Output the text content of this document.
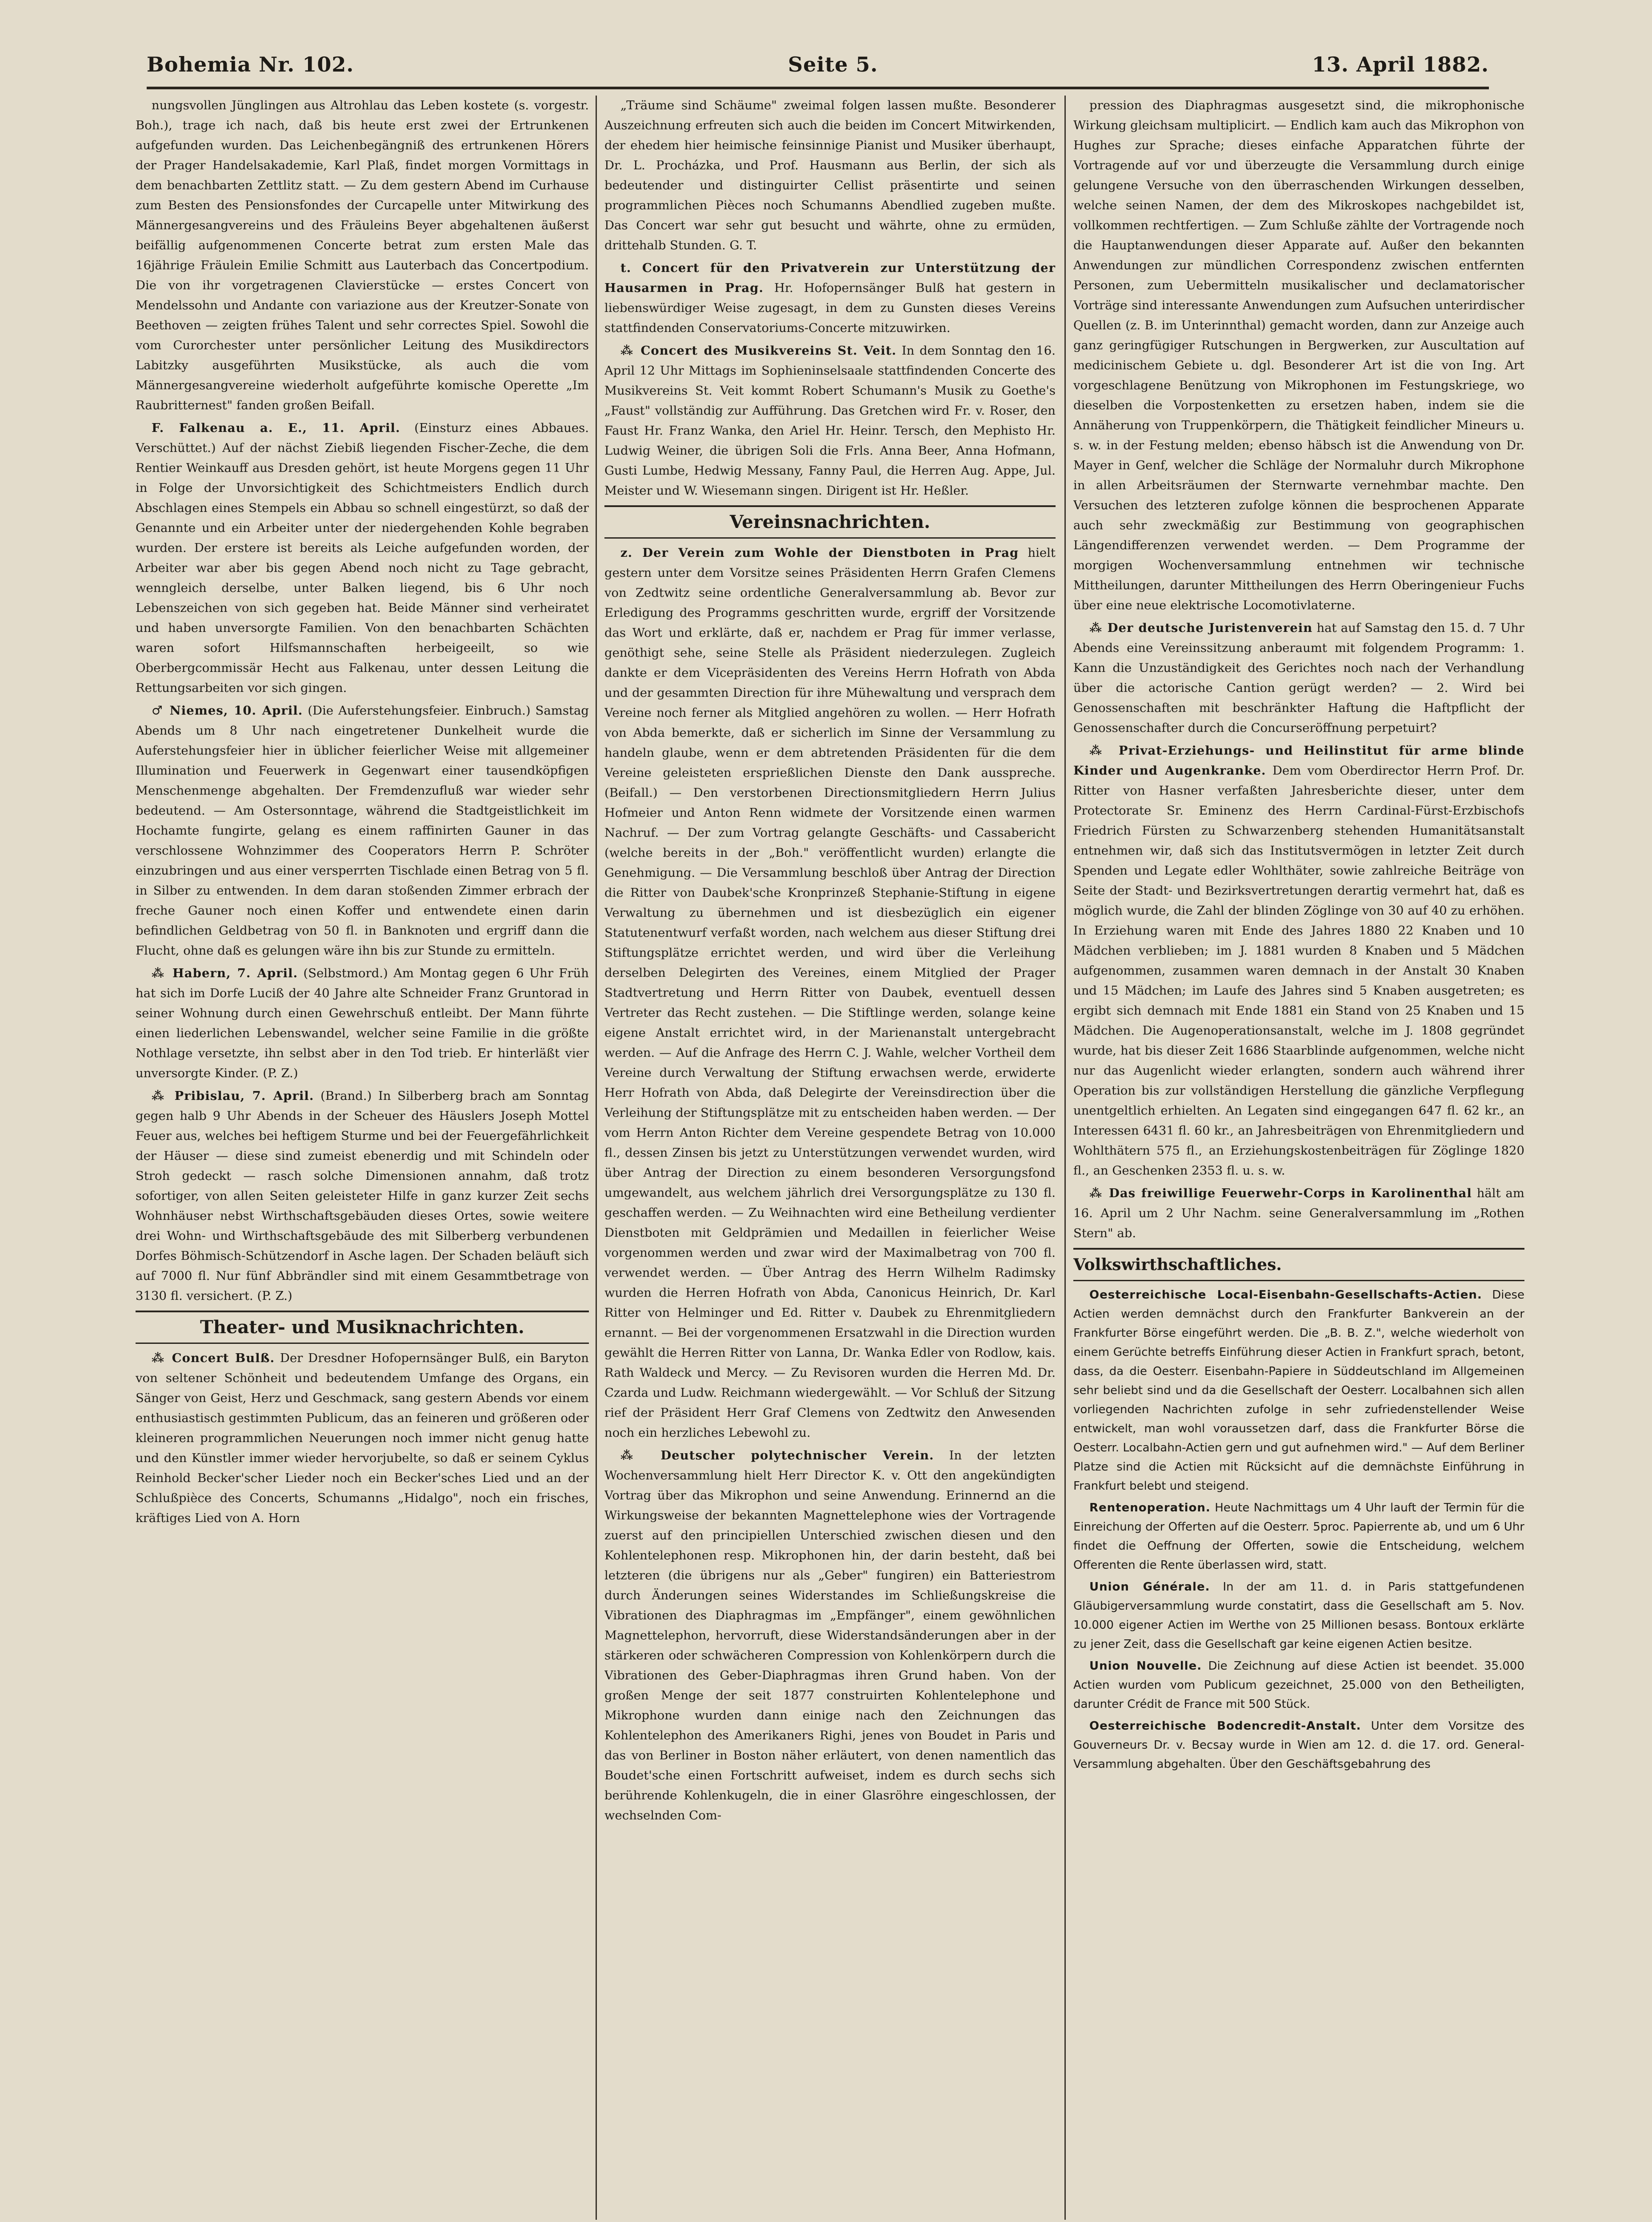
Bohemia Nr. 102.	Seite 5.	13. April 1882.

nungsvollen Jünglingen aus Altrohlau das Leben kostete (s. vorgestr. Boh.), trage ich nach, daß bis heute erst zwei der Ertrunkenen aufgefunden wurden. Das Leichenbegängniß des ertrunkenen Hörers der Prager Handelsakademie, Karl Plaß, findet morgen Vormittags in dem benachbarten Zettlitz statt. — Zu dem gestern Abend im Curhause zum Besten des Pensionsfondes der Curcapelle unter Mitwirkung des Männergesangvereins und des Fräuleins Beyer abgehaltenen äußerst beifällig aufgenommenen Concerte betrat zum ersten Male das 16jährige Fräulein Emilie Schmitt aus Lauterbach das Concertpodium. Die von ihr vorgetragenen Clavierstücke — erstes Concert von Mendelssohn und Andante con variazione aus der Kreutzer-Sonate von Beethoven — zeigten frühes Talent und sehr correctes Spiel. Sowohl die vom Curorchester unter persönlicher Leitung des Musikdirectors Labitzky ausgeführten Musikstücke, als auch die vom Männergesangvereine wiederholt aufgeführte komische Operette „Im Raubritternest" fanden großen Beifall.

F. Falkenau a. E., 11. April. (Einsturz eines Abbaues. Verschüttet.) Auf der nächst Ziebiß liegenden Fischer-Zeche, die dem Rentier Weinkauff aus Dresden gehört, ist heute Morgens gegen 11 Uhr in Folge der Unvorsichtigkeit des Schichtmeisters Endlich durch Abschlagen eines Stempels ein Abbau so schnell eingestürzt, so daß der Genannte und ein Arbeiter unter der niedergehenden Kohle begraben wurden. Der erstere ist bereits als Leiche aufgefunden worden, der Arbeiter war aber bis gegen Abend noch nicht zu Tage gebracht, wenngleich derselbe, unter Balken liegend, bis 6 Uhr noch Lebenszeichen von sich gegeben hat. Beide Männer sind verheiratet und haben unversorgte Familien. Von den benachbarten Schächten waren sofort Hilfsmannschaften herbeigeeilt, so wie Oberbergcommissär Hecht aus Falkenau, unter dessen Leitung die Rettungsarbeiten vor sich gingen.

♂ Niemes, 10. April. (Die Auferstehungsfeier. Einbruch.) Samstag Abends um 8 Uhr nach eingetretener Dunkelheit wurde die Auferstehungsfeier hier in üblicher feierlicher Weise mit allgemeiner Illumination und Feuerwerk in Gegenwart einer tausendköpfigen Menschenmenge abgehalten. Der Fremdenzufluß war wieder sehr bedeutend. — Am Ostersonntage, während die Stadtgeistlichkeit im Hochamte fungirte, gelang es einem raffinirten Gauner in das verschlossene Wohnzimmer des Cooperators Herrn P. Schröter einzubringen und aus einer versperrten Tischlade einen Betrag von 5 fl. in Silber zu entwenden. In dem daran stoßenden Zimmer erbrach der freche Gauner noch einen Koffer und entwendete einen darin befindlichen Geldbetrag von 50 fl. in Banknoten und ergriff dann die Flucht, ohne daß es gelungen wäre ihn bis zur Stunde zu ermitteln.

⁂ Habern, 7. April. (Selbstmord.) Am Montag gegen 6 Uhr Früh hat sich im Dorfe Luciß der 40 Jahre alte Schneider Franz Gruntorad in seiner Wohnung durch einen Gewehrschuß entleibt. Der Mann führte einen liederlichen Lebenswandel, welcher seine Familie in die größte Nothlage versetzte, ihn selbst aber in den Tod trieb. Er hinterläßt vier unversorgte Kinder. (P. Z.)

⁂ Pribislau, 7. April. (Brand.) In Silberberg brach am Sonntag gegen halb 9 Uhr Abends in der Scheuer des Häuslers Joseph Mottel Feuer aus, welches bei heftigem Sturme und bei der Feuergefährlichkeit der Häuser — diese sind zumeist ebenerdig und mit Schindeln oder Stroh gedeckt — rasch solche Dimensionen annahm, daß trotz sofortiger, von allen Seiten geleisteter Hilfe in ganz kurzer Zeit sechs Wohnhäuser nebst Wirthschaftsgebäuden dieses Ortes, sowie weitere drei Wohn- und Wirthschaftsgebäude des mit Silberberg verbundenen Dorfes Böhmisch-Schützendorf in Asche lagen. Der Schaden beläuft sich auf 7000 fl. Nur fünf Abbrändler sind mit einem Gesammtbetrage von 3130 fl. versichert. (P. Z.)

Theater- und Musiknachrichten.

⁂ Concert Bulß. Der Dresdner Hofopernsänger Bulß, ein Baryton von seltener Schönheit und bedeutendem Umfange des Organs, ein Sänger von Geist, Herz und Geschmack, sang gestern Abends vor einem enthusiastisch gestimmten Publicum, das an feineren und größeren oder kleineren programmlichen Neuerungen noch immer nicht genug hatte und den Künstler immer wieder hervorjubelte, so daß er seinem Cyklus Reinhold Becker'scher Lieder noch ein Becker'sches Lied und an der Schlußpièce des Concerts, Schumanns „Hidalgo", noch ein frisches, kräftiges Lied von A. Horn

„Träume sind Schäume" zweimal folgen lassen mußte. Besonderer Auszeichnung erfreuten sich auch die beiden im Concert Mitwirkenden, der ehedem hier heimische feinsinnige Pianist und Musiker überhaupt, Dr. L. Procházka, und Prof. Hausmann aus Berlin, der sich als bedeutender und distinguirter Cellist präsentirte und seinen programmlichen Pièces noch Schumanns Abendlied zugeben mußte. Das Concert war sehr gut besucht und währte, ohne zu ermüden, drittehalb Stunden. G. T.

t. Concert für den Privatverein zur Unterstützung der Hausarmen in Prag. Hr. Hofopernsänger Bulß hat gestern in liebenswürdiger Weise zugesagt, in dem zu Gunsten dieses Vereins stattfindenden Conservatoriums-Concerte mitzuwirken.

⁂ Concert des Musikvereins St. Veit. In dem Sonntag den 16. April 12 Uhr Mittags im Sophieninselsaale stattfindenden Concerte des Musikvereins St. Veit kommt Robert Schumann's Musik zu Goethe's „Faust" vollständig zur Aufführung. Das Gretchen wird Fr. v. Roser, den Faust Hr. Franz Wanka, den Ariel Hr. Heinr. Tersch, den Mephisto Hr. Ludwig Weiner, die übrigen Soli die Frls. Anna Beer, Anna Hofmann, Gusti Lumbe, Hedwig Messany, Fanny Paul, die Herren Aug. Appe, Jul. Meister und W. Wiesemann singen. Dirigent ist Hr. Heßler.

Vereinsnachrichten.

z. Der Verein zum Wohle der Dienstboten in Prag hielt gestern unter dem Vorsitze seines Präsidenten Herrn Grafen Clemens von Zedtwitz seine ordentliche Generalversammlung ab. Bevor zur Erledigung des Programms geschritten wurde, ergriff der Vorsitzende das Wort und erklärte, daß er, nachdem er Prag für immer verlasse, genöthigt sehe, seine Stelle als Präsident niederzulegen. Zugleich dankte er dem Vicepräsidenten des Vereins Herrn Hofrath von Abda und der gesammten Direction für ihre Mühewaltung und versprach dem Vereine noch ferner als Mitglied angehören zu wollen. — Herr Hofrath von Abda bemerkte, daß er sicherlich im Sinne der Versammlung zu handeln glaube, wenn er dem abtretenden Präsidenten für die dem Vereine geleisteten ersprießlichen Dienste den Dank ausspreche. (Beifall.) — Den verstorbenen Directionsmitgliedern Herrn Julius Hofmeier und Anton Renn widmete der Vorsitzende einen warmen Nachruf. — Der zum Vortrag gelangte Geschäfts- und Cassabericht (welche bereits in der „Boh." veröffentlicht wurden) erlangte die Genehmigung. — Die Versammlung beschloß über Antrag der Direction die Ritter von Daubek'sche Kronprinzeß Stephanie-Stiftung in eigene Verwaltung zu übernehmen und ist diesbezüglich ein eigener Statutenentwurf verfaßt worden, nach welchem aus dieser Stiftung drei Stiftungsplätze errichtet werden, und wird über die Verleihung derselben Delegirten des Vereines, einem Mitglied der Prager Stadtvertretung und Herrn Ritter von Daubek, eventuell dessen Vertreter das Recht zustehen. — Die Stiftlinge werden, solange keine eigene Anstalt errichtet wird, in der Marienanstalt untergebracht werden. — Auf die Anfrage des Herrn C. J. Wahle, welcher Vortheil dem Vereine durch Verwaltung der Stiftung erwachsen werde, erwiderte Herr Hofrath von Abda, daß Delegirte der Vereinsdirection über die Verleihung der Stiftungsplätze mit zu entscheiden haben werden. — Der vom Herrn Anton Richter dem Vereine gespendete Betrag von 10.000 fl., dessen Zinsen bis jetzt zu Unterstützungen verwendet wurden, wird über Antrag der Direction zu einem besonderen Versorgungsfond umgewandelt, aus welchem jährlich drei Versorgungsplätze zu 130 fl. geschaffen werden. — Zu Weihnachten wird eine Betheilung verdienter Dienstboten mit Geldprämien und Medaillen in feierlicher Weise vorgenommen werden und zwar wird der Maximalbetrag von 700 fl. verwendet werden. — Über Antrag des Herrn Wilhelm Radimsky wurden die Herren Hofrath von Abda, Canonicus Heinrich, Dr. Karl Ritter von Helminger und Ed. Ritter v. Daubek zu Ehrenmitgliedern ernannt. — Bei der vorgenommenen Ersatzwahl in die Direction wurden gewählt die Herren Ritter von Lanna, Dr. Wanka Edler von Rodlow, kais. Rath Waldeck und Mercy. — Zu Revisoren wurden die Herren Md. Dr. Czarda und Ludw. Reichmann wiedergewählt. — Vor Schluß der Sitzung rief der Präsident Herr Graf Clemens von Zedtwitz den Anwesenden noch ein herzliches Lebewohl zu.

⁂ Deutscher polytechnischer Verein. In der letzten Wochenversammlung hielt Herr Director K. v. Ott den angekündigten Vortrag über das Mikrophon und seine Anwendung. Erinnernd an die Wirkungsweise der bekannten Magnettelephone wies der Vortragende zuerst auf den principiellen Unterschied zwischen diesen und den Kohlentelephonen resp. Mikrophonen hin, der darin besteht, daß bei letzteren (die übrigens nur als „Geber" fungiren) ein Batteriestrom durch Änderungen seines Widerstandes im Schließungskreise die Vibrationen des Diaphragmas im „Empfänger", einem gewöhnlichen Magnettelephon, hervorruft, diese Widerstandsänderungen aber in der stärkeren oder schwächeren Compression von Kohlenkörpern durch die Vibrationen des Geber-Diaphragmas ihren Grund haben. Von der großen Menge der seit 1877 construirten Kohlentelephone und Mikrophone wurden dann einige nach den Zeichnungen das Kohlentelephon des Amerikaners Righi, jenes von Boudet in Paris und das von Berliner in Boston näher erläutert, von denen namentlich das Boudet'sche einen Fortschritt aufweiset, indem es durch sechs sich berührende Kohlenkugeln, die in einer Glasröhre eingeschlossen, der wechselnden Com-

pression des Diaphragmas ausgesetzt sind, die mikrophonische Wirkung gleichsam multiplicirt. — Endlich kam auch das Mikrophon von Hughes zur Sprache; dieses einfache Apparatchen führte der Vortragende auf vor und überzeugte die Versammlung durch einige gelungene Versuche von den überraschenden Wirkungen desselben, welche seinen Namen, der dem des Mikroskopes nachgebildet ist, vollkommen rechtfertigen. — Zum Schluße zählte der Vortragende noch die Hauptanwendungen dieser Apparate auf. Außer den bekannten Anwendungen zur mündlichen Correspondenz zwischen entfernten Personen, zum Uebermitteln musikalischer und declamatorischer Vorträge sind interessante Anwendungen zum Aufsuchen unterirdischer Quellen (z. B. im Unterinnthal) gemacht worden, dann zur Anzeige auch ganz geringfügiger Rutschungen in Bergwerken, zur Auscultation auf medicinischem Gebiete u. dgl. Besonderer Art ist die von Ing. Art vorgeschlagene Benützung von Mikrophonen im Festungskriege, wo dieselben die Vorpostenketten zu ersetzen haben, indem sie die Annäherung von Truppenkörpern, die Thätigkeit feindlicher Mineurs u. s. w. in der Festung melden; ebenso häbsch ist die Anwendung von Dr. Mayer in Genf, welcher die Schläge der Normaluhr durch Mikrophone in allen Arbeitsräumen der Sternwarte vernehmbar machte. Den Versuchen des letzteren zufolge können die besprochenen Apparate auch sehr zweckmäßig zur Bestimmung von geographischen Längendifferenzen verwendet werden. — Dem Programme der morgigen Wochenversammlung entnehmen wir technische Mittheilungen, darunter Mittheilungen des Herrn Oberingenieur Fuchs über eine neue elektrische Locomotivlaterne.

⁂ Der deutsche Juristenverein hat auf Samstag den 15. d. 7 Uhr Abends eine Vereinssitzung anberaumt mit folgendem Programm: 1. Kann die Unzuständigkeit des Gerichtes noch nach der Verhandlung über die actorische Cantion gerügt werden? — 2. Wird bei Genossenschaften mit beschränkter Haftung die Haftpflicht der Genossenschafter durch die Concurseröffnung perpetuirt?

⁂ Privat-Erziehungs- und Heilinstitut für arme blinde Kinder und Augenkranke. Dem vom Oberdirector Herrn Prof. Dr. Ritter von Hasner verfaßten Jahresberichte dieser, unter dem Protectorate Sr. Eminenz des Herrn Cardinal-Fürst-Erzbischofs Friedrich Fürsten zu Schwarzenberg stehenden Humanitätsanstalt entnehmen wir, daß sich das Institutsvermögen in letzter Zeit durch Spenden und Legate edler Wohlthäter, sowie zahlreiche Beiträge von Seite der Stadt- und Bezirksvertretungen derartig vermehrt hat, daß es möglich wurde, die Zahl der blinden Zöglinge von 30 auf 40 zu erhöhen. In Erziehung waren mit Ende des Jahres 1880 22 Knaben und 10 Mädchen verblieben; im J. 1881 wurden 8 Knaben und 5 Mädchen aufgenommen, zusammen waren demnach in der Anstalt 30 Knaben und 15 Mädchen; im Laufe des Jahres sind 5 Knaben ausgetreten; es ergibt sich demnach mit Ende 1881 ein Stand von 25 Knaben und 15 Mädchen. Die Augenoperationsanstalt, welche im J. 1808 gegründet wurde, hat bis dieser Zeit 1686 Staarblinde aufgenommen, welche nicht nur das Augenlicht wieder erlangten, sondern auch während ihrer Operation bis zur vollständigen Herstellung die gänzliche Verpflegung unentgeltlich erhielten. An Legaten sind eingegangen 647 fl. 62 kr., an Interessen 6431 fl. 60 kr., an Jahresbeiträgen von Ehrenmitgliedern und Wohlthätern 575 fl., an Erziehungskostenbeiträgen für Zöglinge 1820 fl., an Geschenken 2353 fl. u. s. w.

⁂ Das freiwillige Feuerwehr-Corps in Karolinenthal hält am 16. April um 2 Uhr Nachm. seine Generalversammlung im „Rothen Stern" ab.

Volkswirthschaftliches.

Oesterreichische Local-Eisenbahn-Gesellschafts-Actien. Diese Actien werden demnächst durch den Frankfurter Bankverein an der Frankfurter Börse eingeführt werden. Die „B. B. Z.", welche wiederholt von einem Gerüchte betreffs Einführung dieser Actien in Frankfurt sprach, betont, dass, da die Oesterr. Eisenbahn-Papiere in Süddeutschland im Allgemeinen sehr beliebt sind und da die Gesellschaft der Oesterr. Localbahnen sich allen vorliegenden Nachrichten zufolge in sehr zufriedenstellender Weise entwickelt, man wohl voraussetzen darf, dass die Frankfurter Börse die Oesterr. Localbahn-Actien gern und gut aufnehmen wird." — Auf dem Berliner Platze sind die Actien mit Rücksicht auf die demnächste Einführung in Frankfurt belebt und steigend.

Rentenoperation. Heute Nachmittags um 4 Uhr lauft der Termin für die Einreichung der Offerten auf die Oesterr. 5proc. Papierrente ab, und um 6 Uhr findet die Oeffnung der Offerten, sowie die Entscheidung, welchem Offerenten die Rente überlassen wird, statt.

Union Générale. In der am 11. d. in Paris stattgefundenen Gläubigerversammlung wurde constatirt, dass die Gesellschaft am 5. Nov. 10.000 eigener Actien im Werthe von 25 Millionen besass. Bontoux erklärte zu jener Zeit, dass die Gesellschaft gar keine eigenen Actien besitze.

Union Nouvelle. Die Zeichnung auf diese Actien ist beendet. 35.000 Actien wurden vom Publicum gezeichnet, 25.000 von den Betheiligten, darunter Crédit de France mit 500 Stück.

Oesterreichische Bodencredit-Anstalt. Unter dem Vorsitze des Gouverneurs Dr. v. Becsay wurde in Wien am 12. d. die 17. ord. General-Versammlung abgehalten. Über den Geschäftsgebahrung des
